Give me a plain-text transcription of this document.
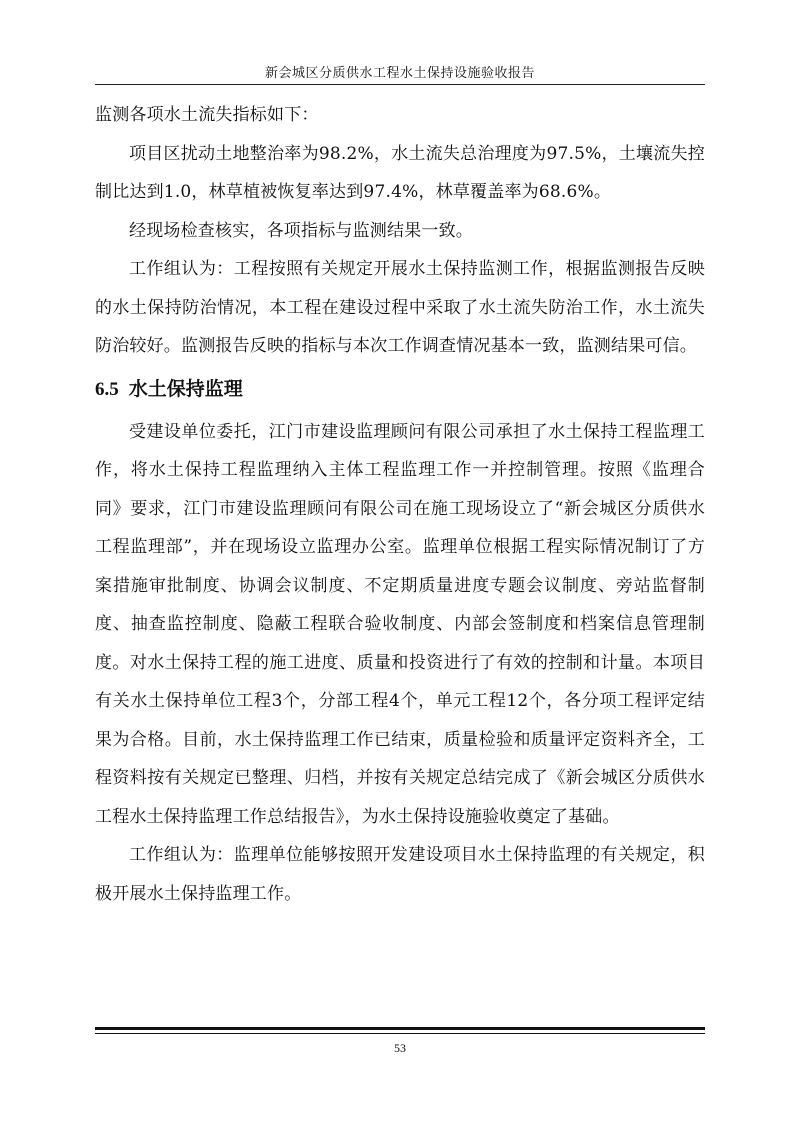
新会城区分质供水工程水土保持设施验收报告

监测各项水土流失指标如下：

项目区扰动土地整治率为98.2%，水土流失总治理度为97.5%，土壤流失控制比达到1.0，林草植被恢复率达到97.4%，林草覆盖率为68.6%。

经现场检查核实，各项指标与监测结果一致。

工作组认为：工程按照有关规定开展水土保持监测工作，根据监测报告反映的水土保持防治情况，本工程在建设过程中采取了水土流失防治工作，水土流失防治较好。监测报告反映的指标与本次工作调查情况基本一致，监测结果可信。

6.5 水土保持监理

受建设单位委托，江门市建设监理顾问有限公司承担了水土保持工程监理工作，将水土保持工程监理纳入主体工程监理工作一并控制管理。按照《监理合同》要求，江门市建设监理顾问有限公司在施工现场设立了“新会城区分质供水工程监理部”，并在现场设立监理办公室。监理单位根据工程实际情况制订了方案措施审批制度、协调会议制度、不定期质量进度专题会议制度、旁站监督制度、抽查监控制度、隐蔽工程联合验收制度、内部会签制度和档案信息管理制度。对水土保持工程的施工进度、质量和投资进行了有效的控制和计量。本项目有关水土保持单位工程3个，分部工程4个，单元工程12个，各分项工程评定结果为合格。目前，水土保持监理工作已结束，质量检验和质量评定资料齐全，工程资料按有关规定已整理、归档，并按有关规定总结完成了《新会城区分质供水工程水土保持监理工作总结报告》，为水土保持设施验收奠定了基础。

工作组认为：监理单位能够按照开发建设项目水土保持监理的有关规定，积极开展水土保持监理工作。

53
